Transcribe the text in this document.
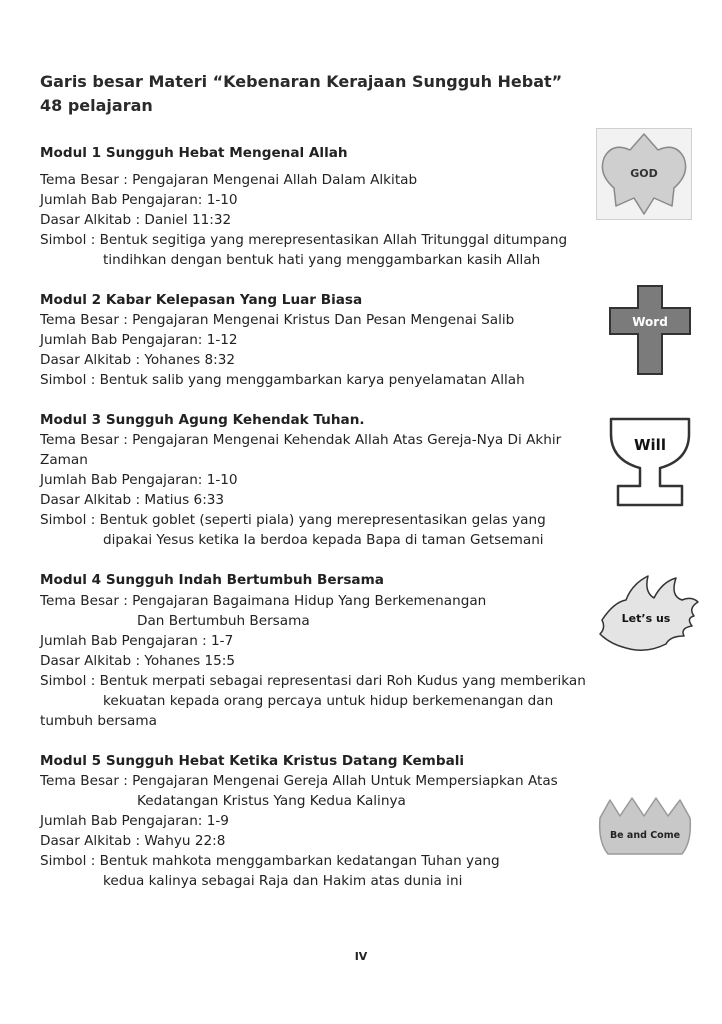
Garis besar Materi “Kebenaran Kerajaan Sungguh Hebat”
48 pelajaran
Modul 1 Sungguh Hebat Mengenal Allah
Tema Besar : Pengajaran Mengenai Allah Dalam Alkitab
Jumlah Bab Pengajaran: 1-10
Dasar Alkitab : Daniel 11:32
Simbol : Bentuk segitiga yang merepresentasikan Allah Tritunggal ditumpang
tindihkan dengan bentuk hati yang menggambarkan kasih Allah
Modul 2 Kabar Kelepasan Yang Luar Biasa
Tema Besar : Pengajaran Mengenai Kristus Dan Pesan Mengenai Salib
Jumlah Bab Pengajaran: 1-12
Dasar Alkitab : Yohanes 8:32
Simbol : Bentuk salib yang menggambarkan karya penyelamatan Allah
Modul 3 Sungguh Agung Kehendak Tuhan.
Tema Besar : Pengajaran Mengenai Kehendak Allah Atas Gereja-Nya Di Akhir
Zaman
Jumlah Bab Pengajaran: 1-10
Dasar Alkitab : Matius 6:33
Simbol : Bentuk goblet (seperti piala) yang merepresentasikan gelas yang
dipakai Yesus ketika Ia berdoa kepada Bapa di taman Getsemani
Modul 4 Sungguh Indah Bertumbuh Bersama
Tema Besar : Pengajaran Bagaimana Hidup Yang Berkemenangan
Dan Bertumbuh Bersama
Jumlah Bab Pengajaran : 1-7
Dasar Alkitab : Yohanes 15:5
Simbol : Bentuk merpati sebagai representasi dari Roh Kudus yang memberikan
kekuatan kepada orang percaya untuk hidup berkemenangan dan
tumbuh bersama
Modul 5 Sungguh Hebat Ketika Kristus Datang Kembali
Tema Besar : Pengajaran Mengenai Gereja Allah Untuk Mempersiapkan Atas
Kedatangan Kristus Yang Kedua Kalinya
Jumlah Bab Pengajaran: 1-9
Dasar Alkitab : Wahyu 22:8
Simbol : Bentuk mahkota menggambarkan kedatangan Tuhan yang
kedua kalinya sebagai Raja dan Hakim atas dunia ini
GOD
Word
Will
Let’s us
Be and Come
IV
